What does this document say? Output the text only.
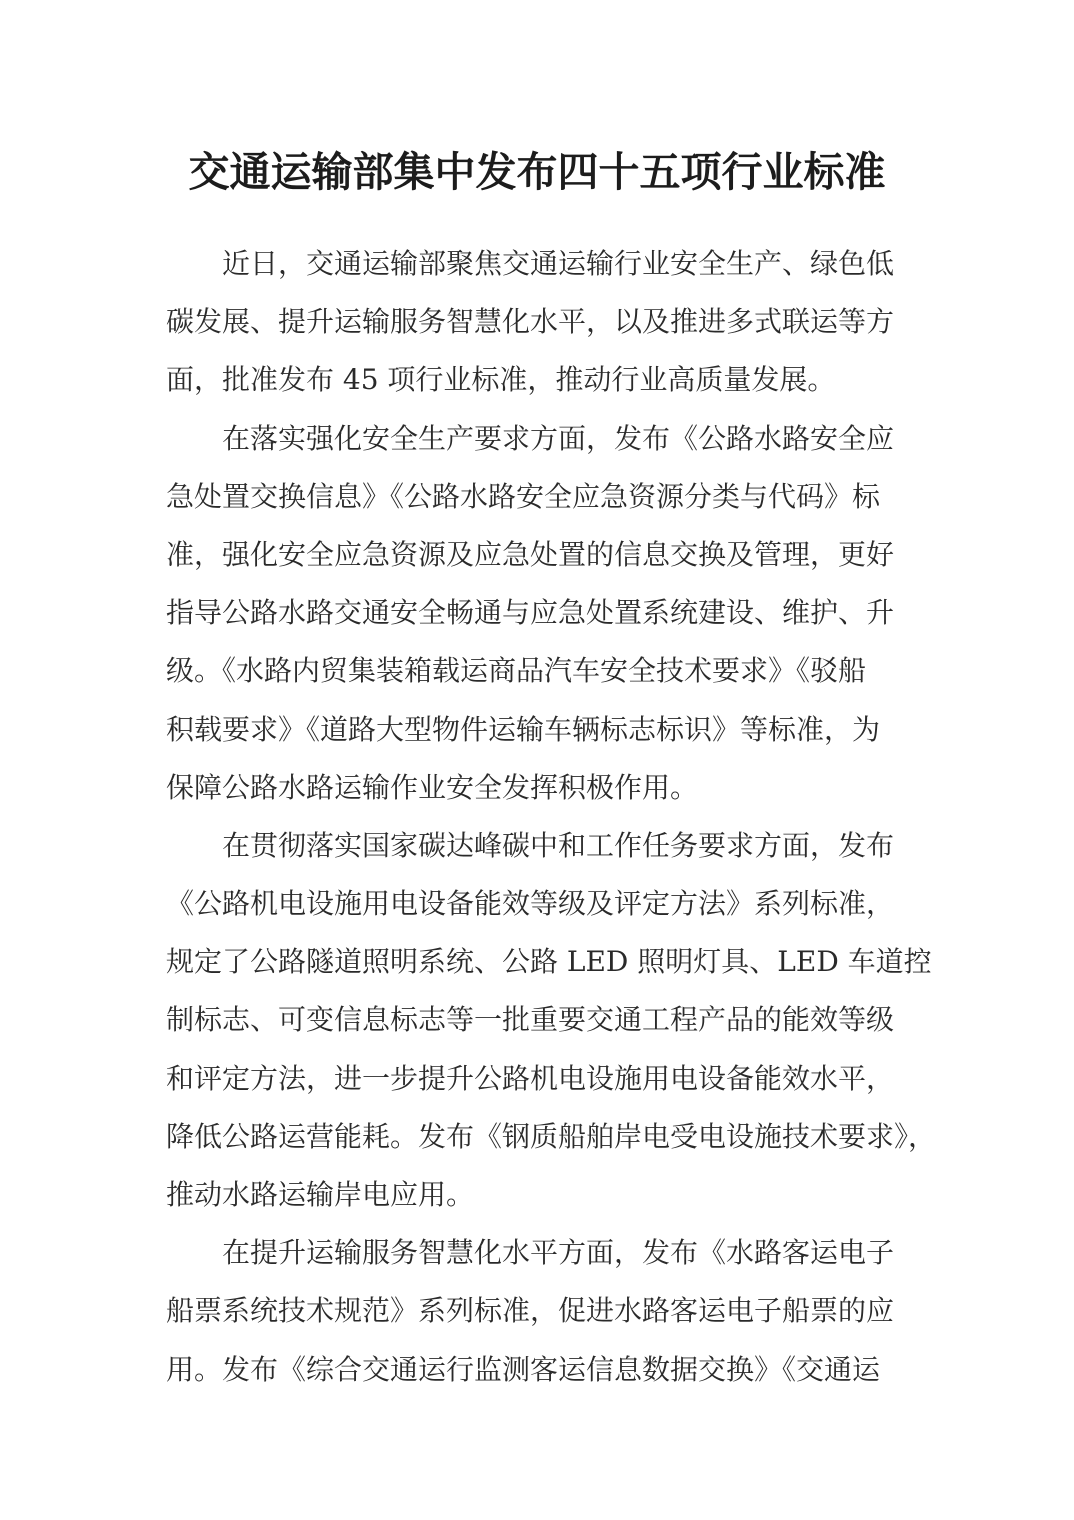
交通运输部集中发布四十五项行业标准
近日，交通运输部聚焦交通运输行业安全生产、绿色低
碳发展、提升运输服务智慧化水平，以及推进多式联运等方
面，批准发布 45 项行业标准，推动行业高质量发展。
在落实强化安全生产要求方面，发布《公路水路安全应
急处置交换信息》《公路水路安全应急资源分类与代码》标
准，强化安全应急资源及应急处置的信息交换及管理，更好
指导公路水路交通安全畅通与应急处置系统建设、维护、升
级。《水路内贸集装箱载运商品汽车安全技术要求》《驳船
积载要求》《道路大型物件运输车辆标志标识》等标准，为
保障公路水路运输作业安全发挥积极作用。
在贯彻落实国家碳达峰碳中和工作任务要求方面，发布
《公路机电设施用电设备能效等级及评定方法》系列标准，
规定了公路隧道照明系统、公路 LED 照明灯具、LED 车道控
制标志、可变信息标志等一批重要交通工程产品的能效等级
和评定方法，进一步提升公路机电设施用电设备能效水平，
降低公路运营能耗。发布《钢质船舶岸电受电设施技术要求》，
推动水路运输岸电应用。
在提升运输服务智慧化水平方面，发布《水路客运电子
船票系统技术规范》系列标准，促进水路客运电子船票的应
用。发布《综合交通运行监测客运信息数据交换》《交通运
